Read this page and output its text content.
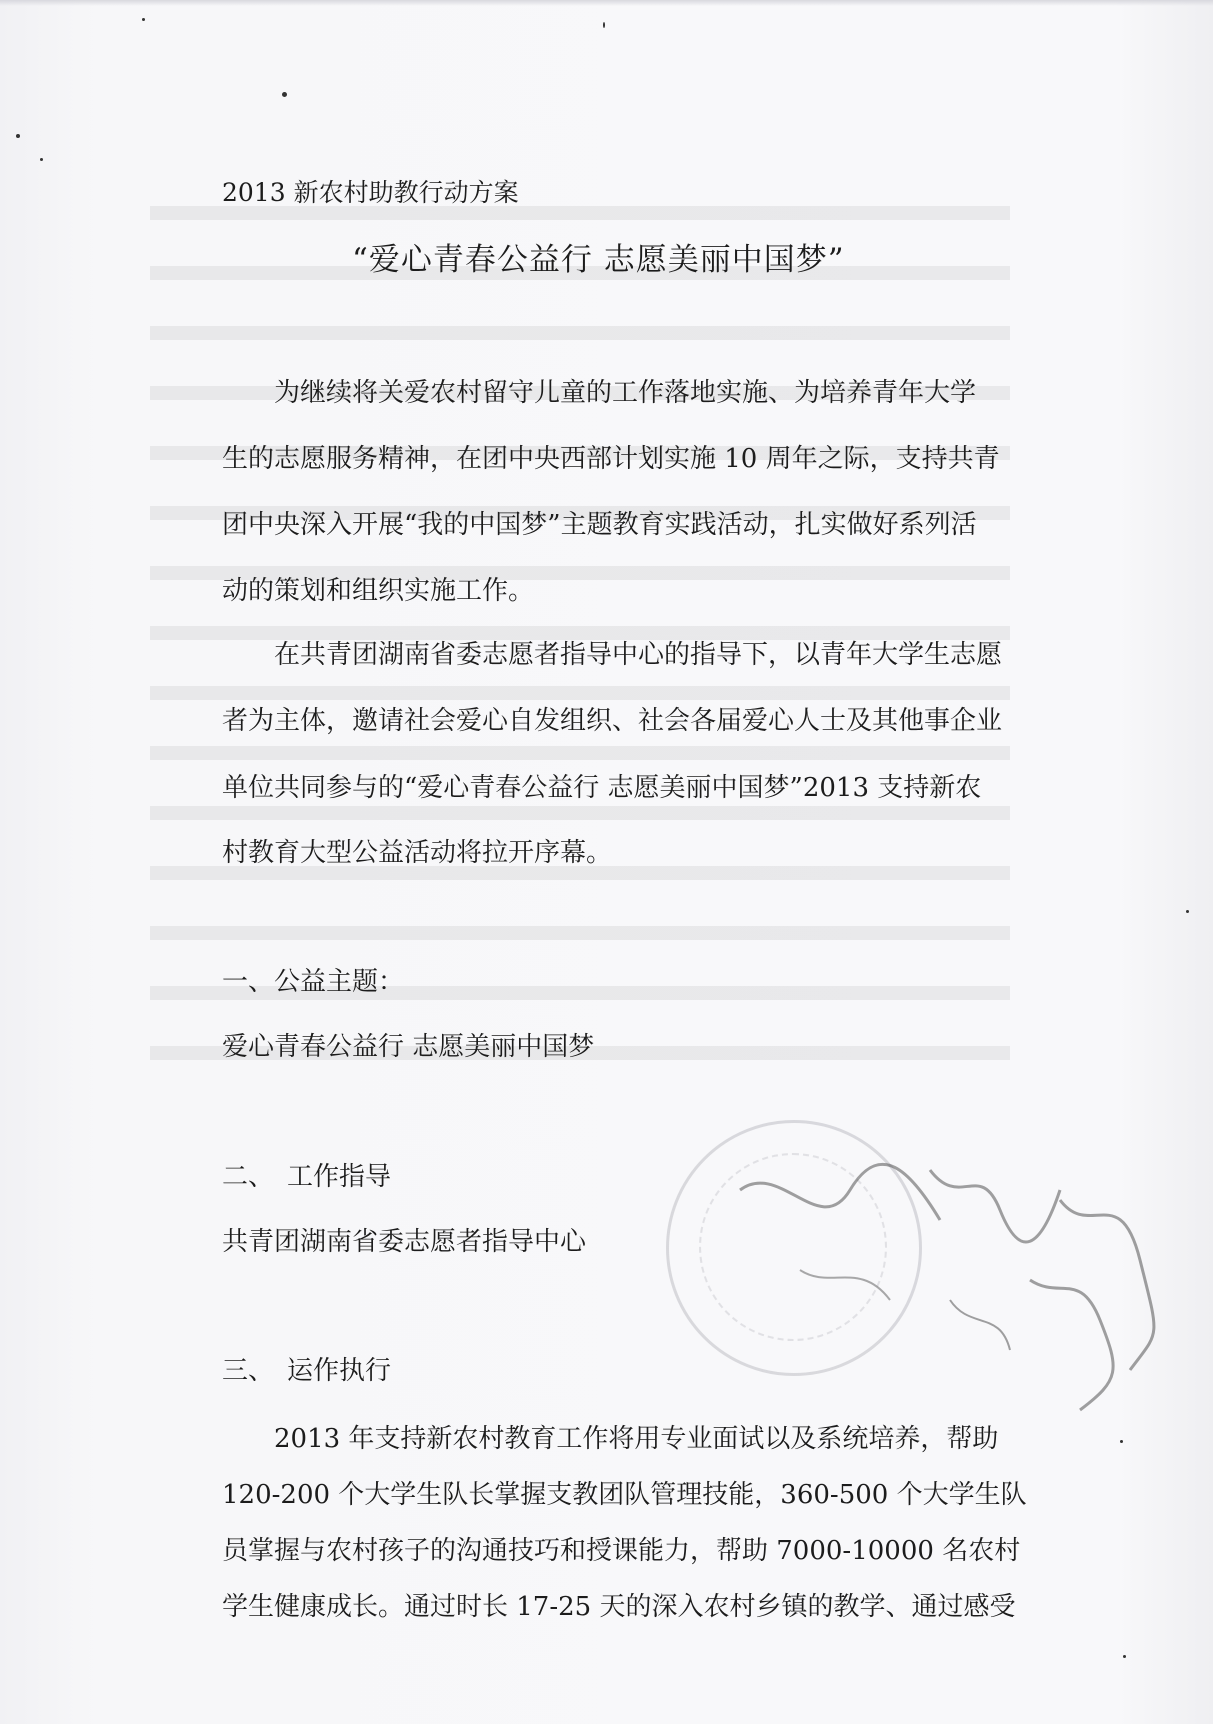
2013 新农村助教行动方案
“爱心青春公益行 志愿美丽中国梦”
　　为继续将关爱农村留守儿童的工作落地实施、为培养青年大学
生的志愿服务精神，在团中央西部计划实施 10 周年之际，支持共青
团中央深入开展“我的中国梦”主题教育实践活动，扎实做好系列活
动的策划和组织实施工作。
　　在共青团湖南省委志愿者指导中心的指导下，以青年大学生志愿
者为主体，邀请社会爱心自发组织、社会各届爱心人士及其他事企业
单位共同参与的“爱心青春公益行 志愿美丽中国梦”2013 支持新农
村教育大型公益活动将拉开序幕。
一、公益主题：
爱心青春公益行 志愿美丽中国梦
二、　工作指导
共青团湖南省委志愿者指导中心
三、　运作执行
　　2013 年支持新农村教育工作将用专业面试以及系统培养，帮助
120-200 个大学生队长掌握支教团队管理技能，360-500 个大学生队
员掌握与农村孩子的沟通技巧和授课能力，帮助 7000-10000 名农村
学生健康成长。通过时长 17-25 天的深入农村乡镇的教学、通过感受
